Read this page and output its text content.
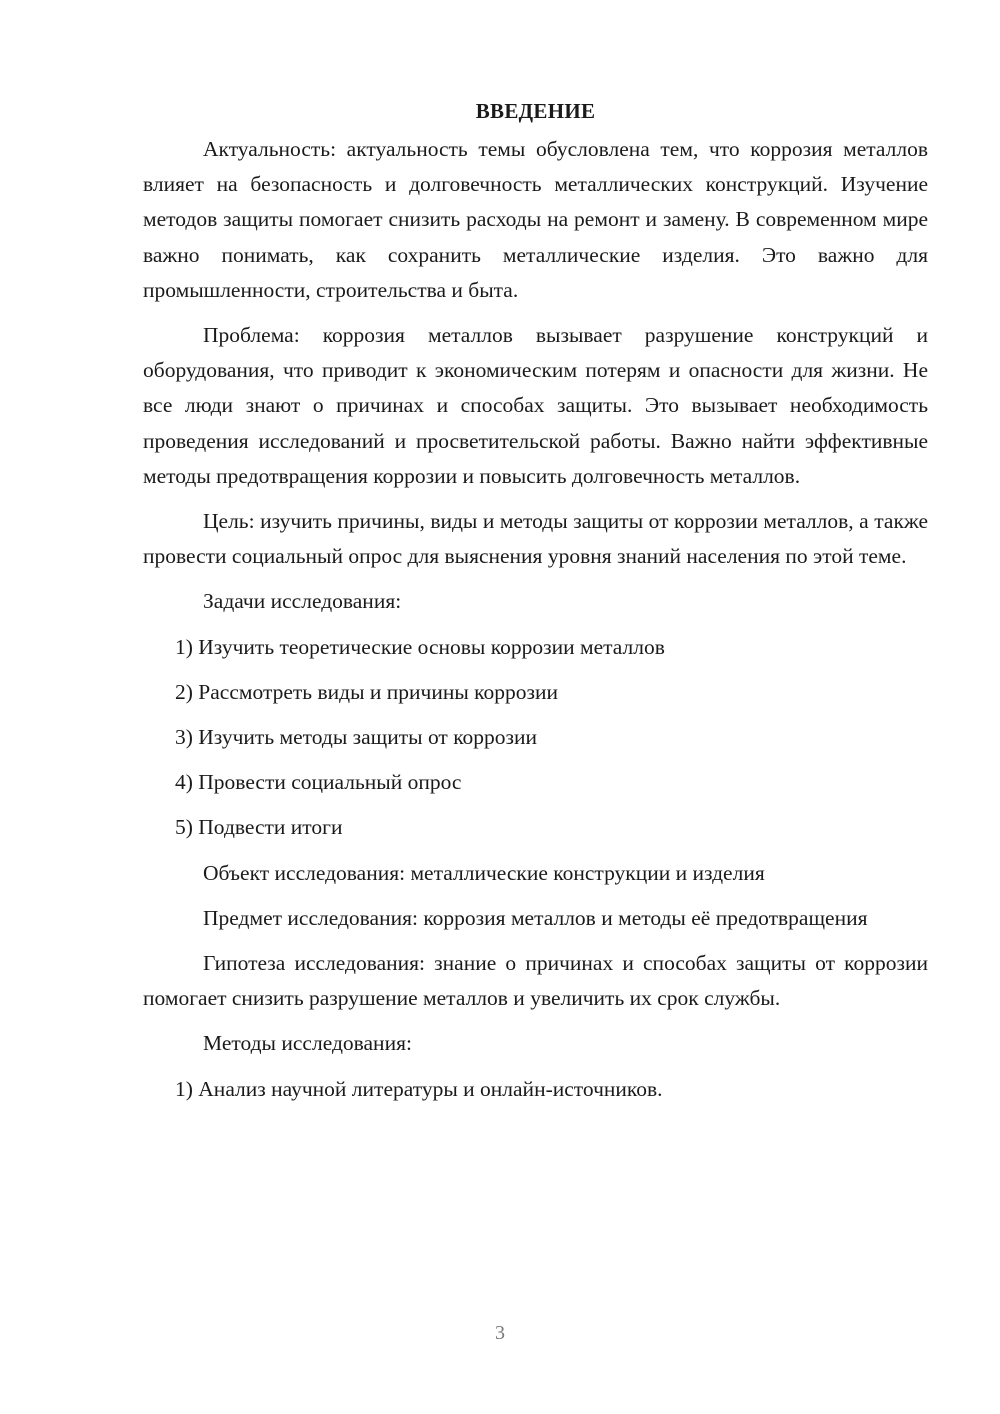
ВВЕДЕНИЕ

Актуальность: актуальность темы обусловлена тем, что коррозия металлов влияет на безопасность и долговечность металлических конструкций. Изучение методов защиты помогает снизить расходы на ремонт и замену. В современном мире важно понимать, как сохранить металлические изделия. Это важно для промышленности, строительства и быта.

Проблема: коррозия металлов вызывает разрушение конструкций и оборудования, что приводит к экономическим потерям и опасности для жизни. Не все люди знают о причинах и способах защиты. Это вызывает необходимость проведения исследований и просветительской работы. Важно найти эффективные методы предотвращения коррозии и повысить долговечность металлов.

Цель: изучить причины, виды и методы защиты от коррозии металлов, а также провести социальный опрос для выяснения уровня знаний населения по этой теме.

Задачи исследования:
1) Изучить теоретические основы коррозии металлов
2) Рассмотреть виды и причины коррозии
3) Изучить методы защиты от коррозии
4) Провести социальный опрос
5) Подвести итоги
Объект исследования: металлические конструкции и изделия

Предмет исследования: коррозия металлов и методы её предотвращения

Гипотеза исследования: знание о причинах и способах защиты от коррозии помогает снизить разрушение металлов и увеличить их срок службы.

Методы исследования:
1) Анализ научной литературы и онлайн-источников.
3
